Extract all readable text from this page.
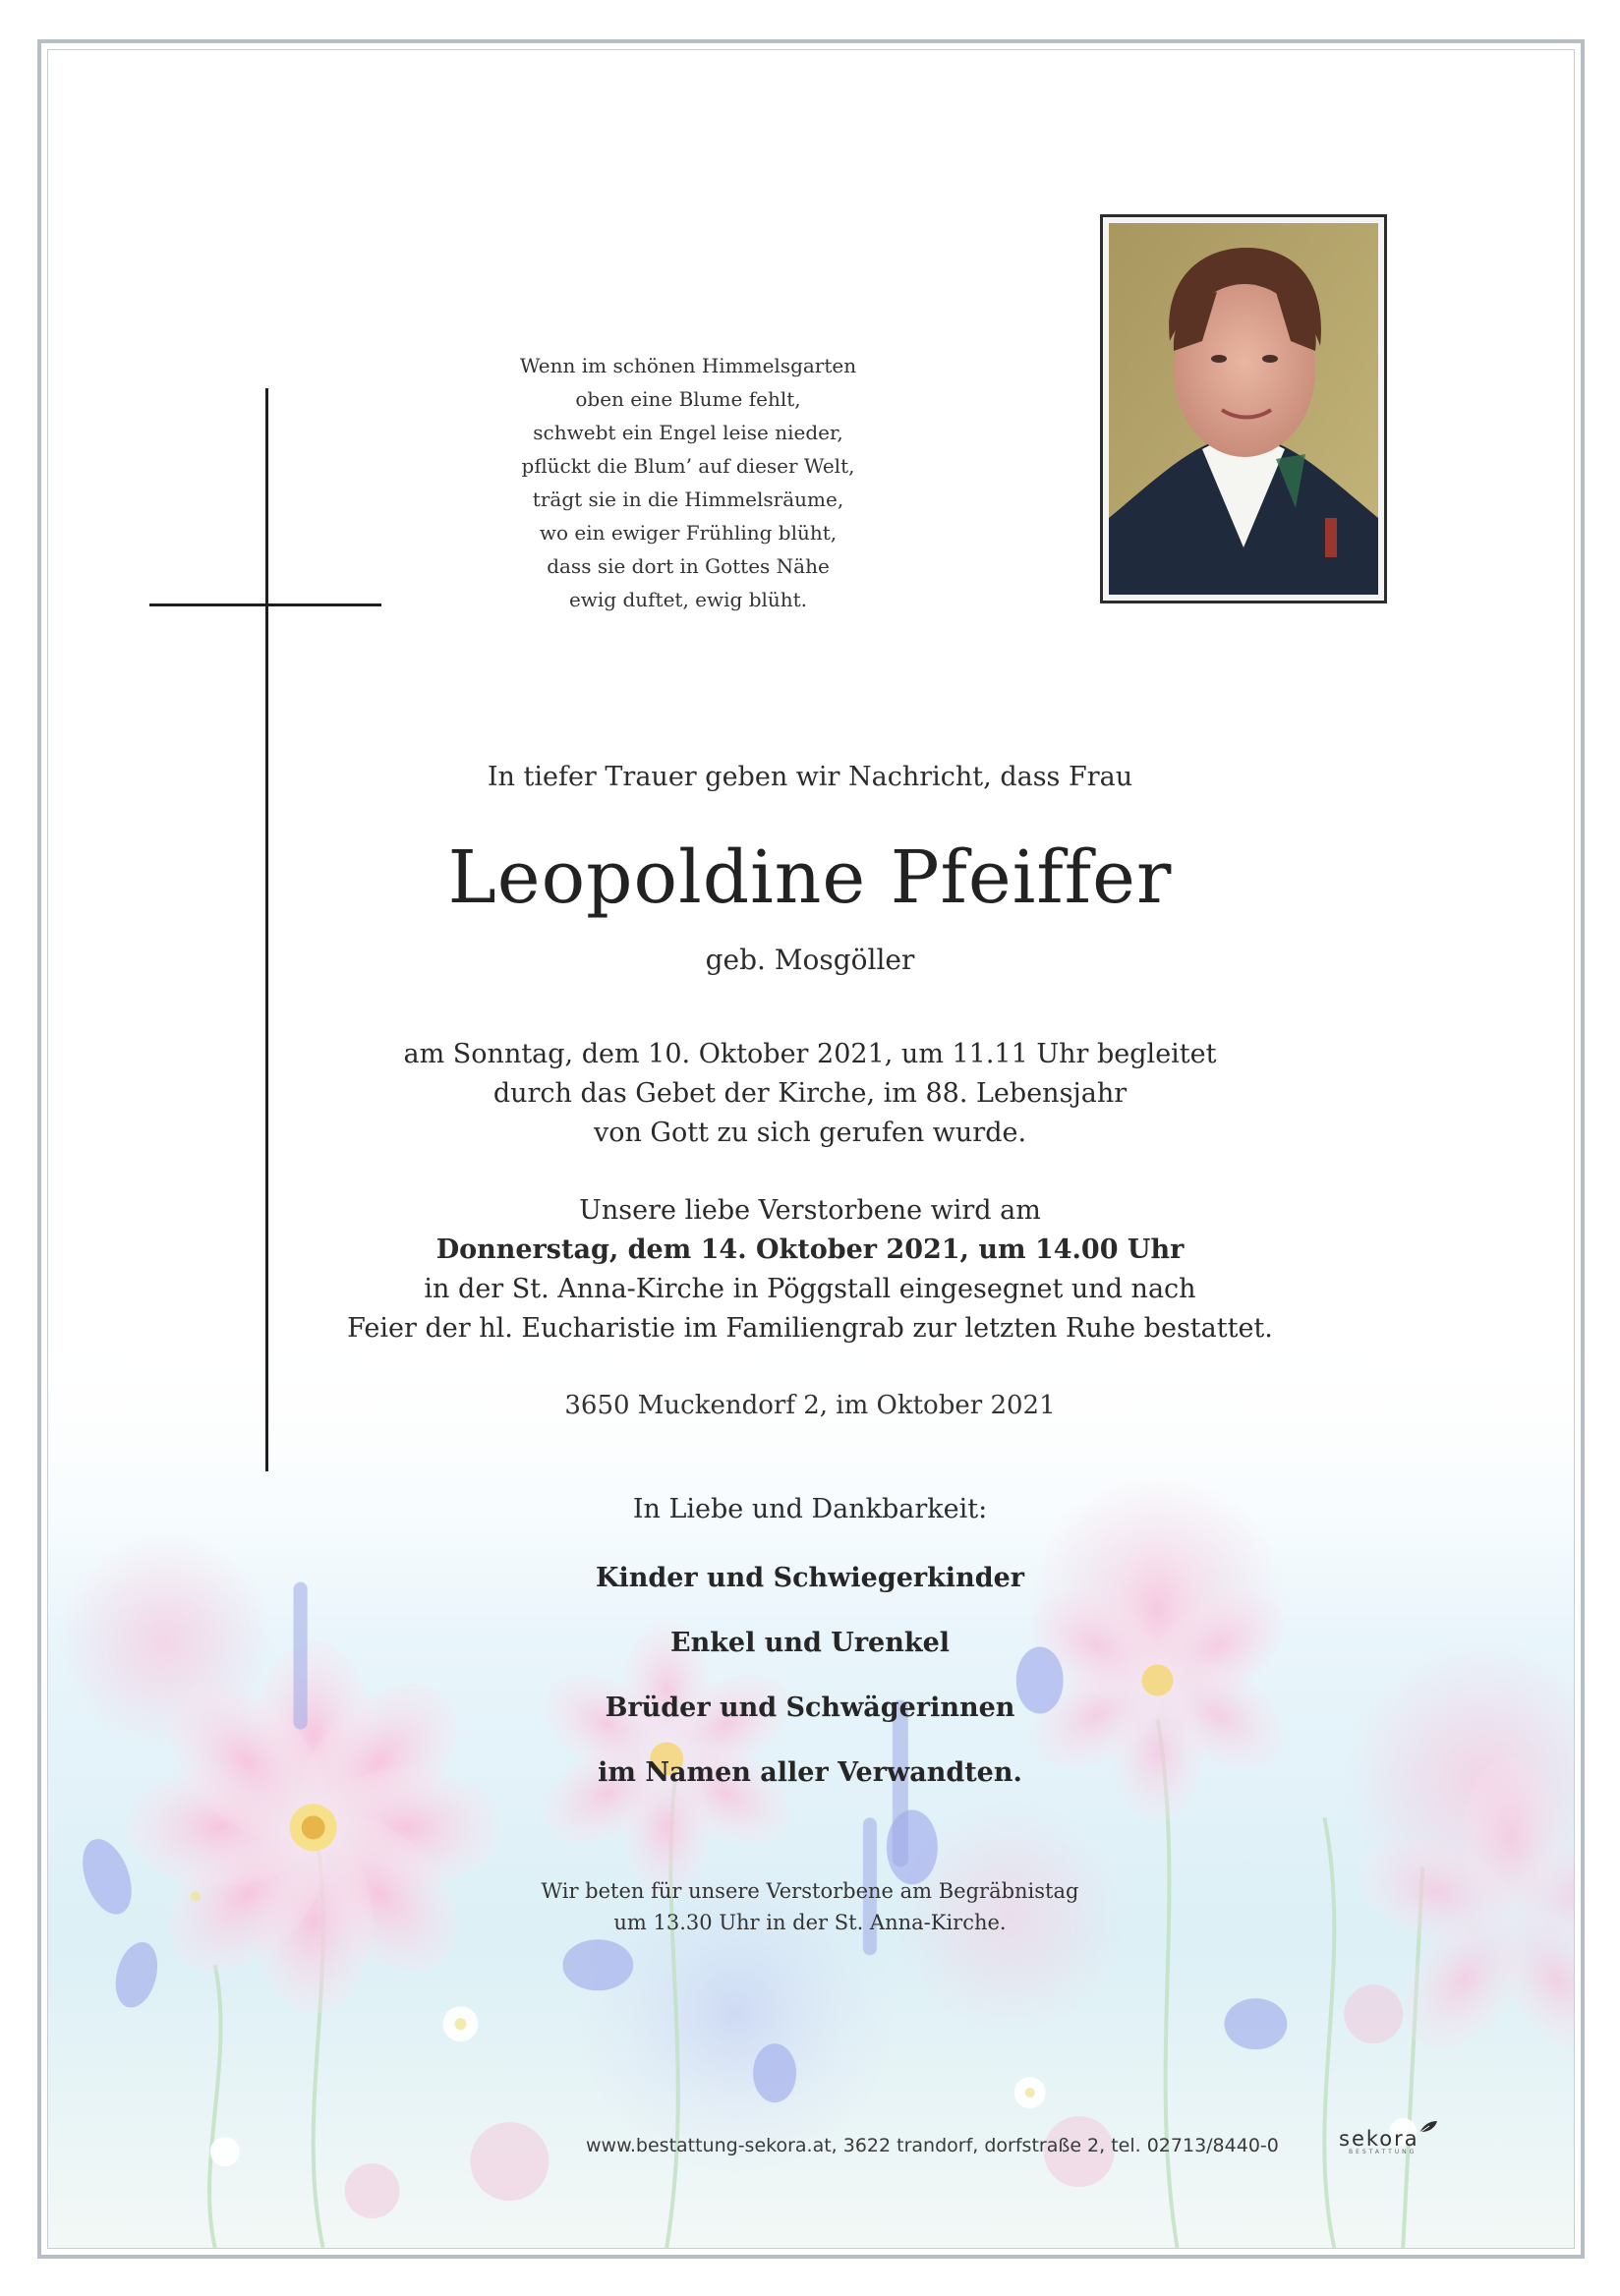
Wenn im schönen Himmelsgarten
oben eine Blume fehlt,
schwebt ein Engel leise nieder,
pflückt die Blum’ auf dieser Welt,
trägt sie in die Himmelsräume,
wo ein ewiger Frühling blüht,
dass sie dort in Gottes Nähe
ewig duftet, ewig blüht.
In tiefer Trauer geben wir Nachricht, dass Frau
Leopoldine Pfeiffer
geb. Mosgöller
am Sonntag, dem 10. Oktober 2021, um 11.11 Uhr begleitet
durch das Gebet der Kirche, im 88. Lebensjahr
von Gott zu sich gerufen wurde.
Unsere liebe Verstorbene wird am
Donnerstag, dem 14. Oktober 2021, um 14.00 Uhr
in der St. Anna-Kirche in Pöggstall eingesegnet und nach
Feier der hl. Eucharistie im Familiengrab zur letzten Ruhe bestattet.
3650 Muckendorf 2, im Oktober 2021
In Liebe und Dankbarkeit:
Kinder und Schwiegerkinder
Enkel und Urenkel
Brüder und Schwägerinnen
im Namen aller Verwandten.
Wir beten für unsere Verstorbene am Begräbnistag
um 13.30 Uhr in der St. Anna-Kirche.
www.bestattung-sekora.at, 3622 trandorf, dorfstraße 2, tel. 02713/8440-0	sekora
BESTATTUNG
